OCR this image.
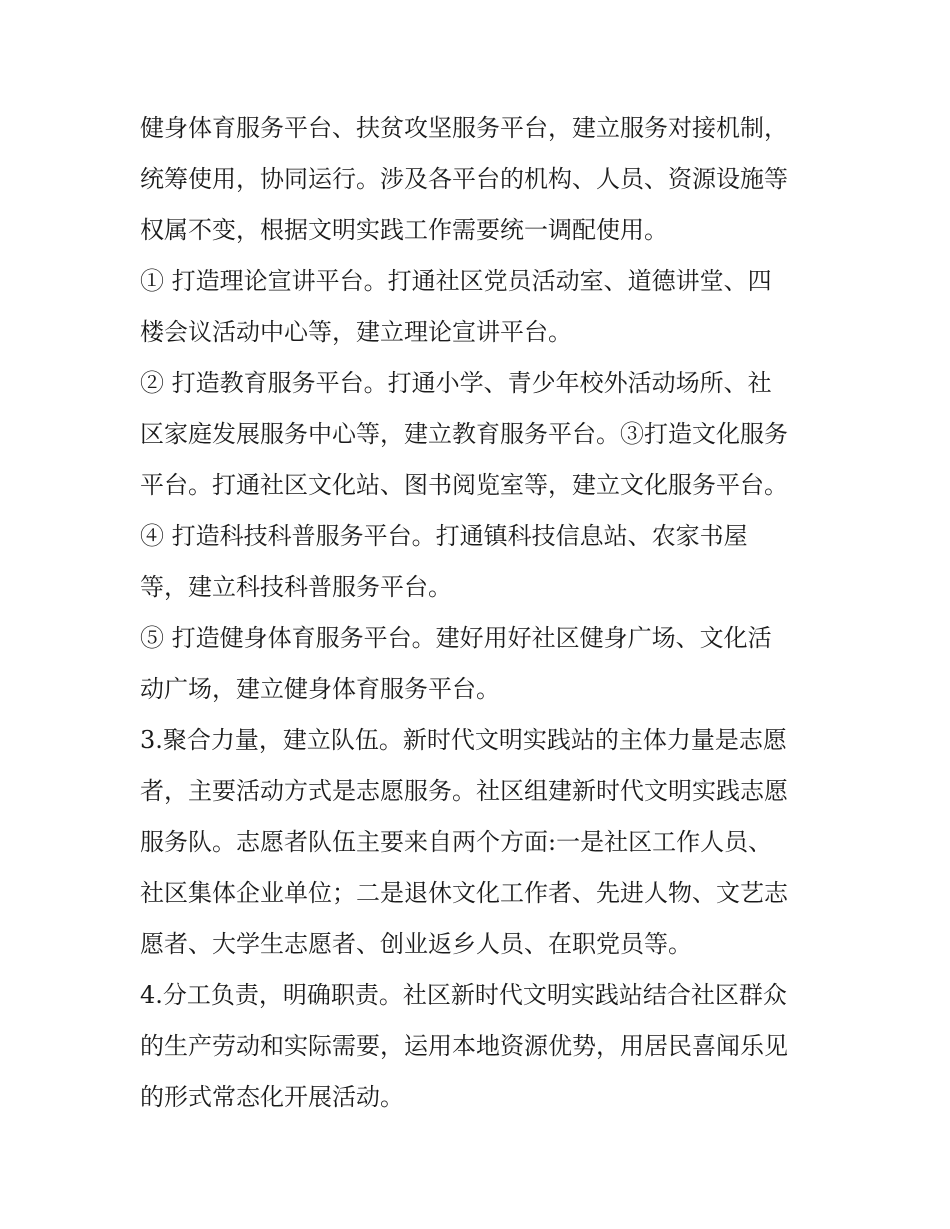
健身体育服务平台、扶贫攻坚服务平台，建立服务对接机制，
统筹使用，协同运行。涉及各平台的机构、人员、资源设施等
权属不变，根据文明实践工作需要统一调配使用。
① 打造理论宣讲平台。打通社区党员活动室、道德讲堂、四
楼会议活动中心等，建立理论宣讲平台。
② 打造教育服务平台。打通小学、青少年校外活动场所、社
区家庭发展服务中心等，建立教育服务平台。③打造文化服务
平台。打通社区文化站、图书阅览室等，建立文化服务平台。
④ 打造科技科普服务平台。打通镇科技信息站、农家书屋
等，建立科技科普服务平台。
⑤ 打造健身体育服务平台。建好用好社区健身广场、文化活
动广场，建立健身体育服务平台。
3.聚合力量，建立队伍。新时代文明实践站的主体力量是志愿
者，主要活动方式是志愿服务。社区组建新时代文明实践志愿
服务队。志愿者队伍主要来自两个方面:一是社区工作人员、
社区集体企业单位；二是退休文化工作者、先进人物、文艺志
愿者、大学生志愿者、创业返乡人员、在职党员等。
4.分工负责，明确职责。社区新时代文明实践站结合社区群众
的生产劳动和实际需要，运用本地资源优势，用居民喜闻乐见
的形式常态化开展活动。
